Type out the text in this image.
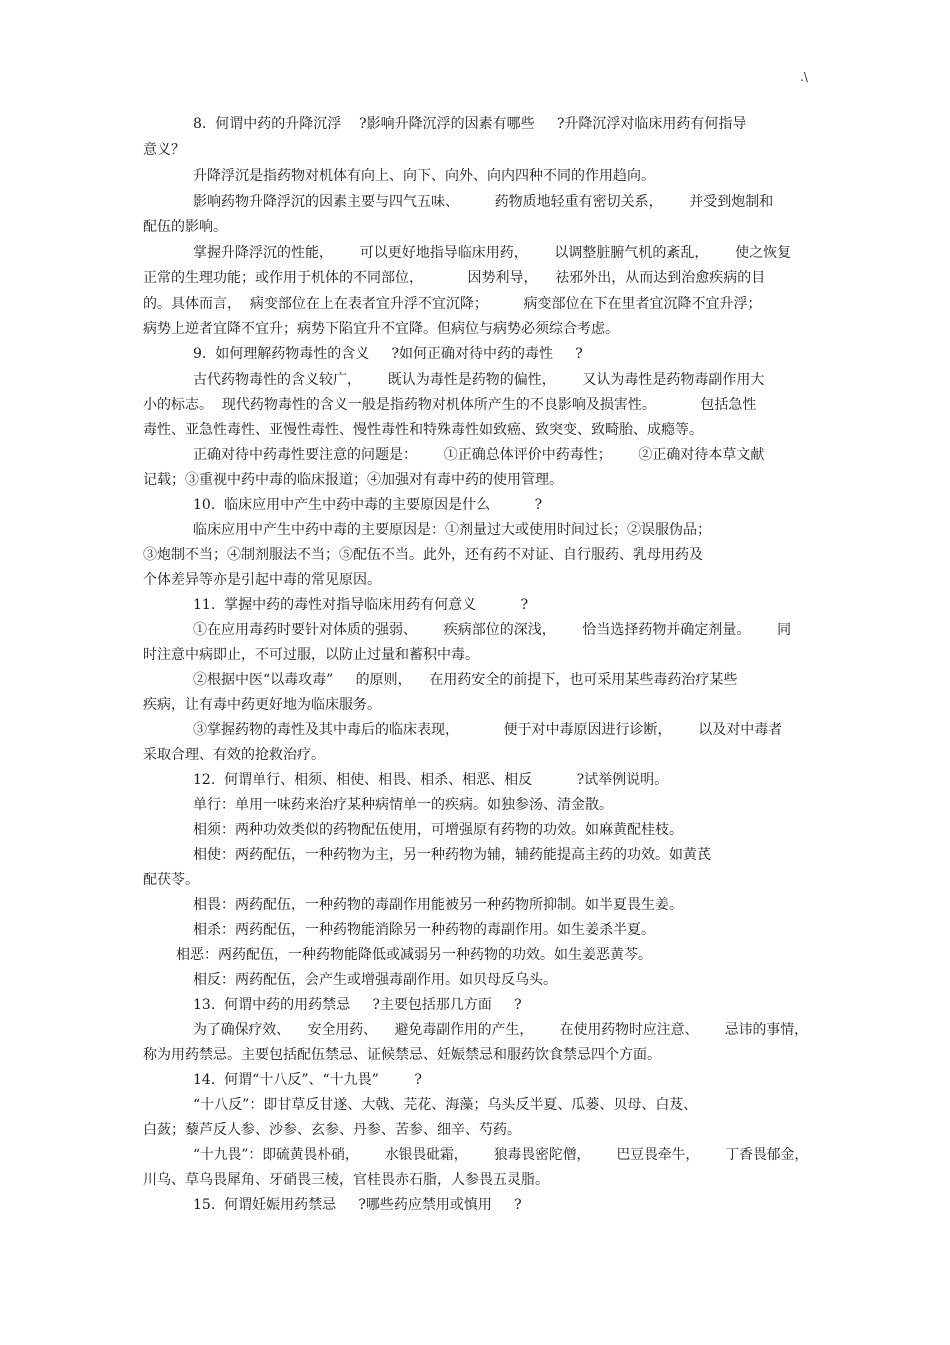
.\
8.  何谓中药的升降沉浮    ?影响升降沉浮的因素有哪些     ?升降沉浮对临床用药有何指导
意义？
升降浮沉是指药物对机体有向上、向下、向外、向内四种不同的作用趋向。
影响药物升降浮沉的因素主要与四气五味、        药物质地轻重有密切关系，      并受到炮制和
配伍的影响。
掌握升降浮沉的性能，      可以更好地指导临床用药，      以调整脏腑气机的紊乱，      使之恢复
正常的生理功能；或作用于机体的不同部位，          因势利导，    祛邪外出，从而达到治愈疾病的目
的。具体而言，  病变部位在上在表者宜升浮不宜沉降；        病变部位在下在里者宜沉降不宜升浮；
病势上逆者宜降不宜升；病势下陷宜升不宜降。但病位与病势必须综合考虑。
9.  如何理解药物毒性的含义     ?如何正确对待中药的毒性     ?
古代药物毒性的含义较广，      既认为毒性是药物的偏性，      又认为毒性是药物毒副作用大
小的标志。  现代药物毒性的含义一般是指药物对机体所产生的不良影响及损害性。          包括急性
毒性、亚急性毒性、亚慢性毒性、慢性毒性和特殊毒性如致癌、致突变、致畸胎、成瘾等。
正确对待中药毒性要注意的问题是：      ①正确总体评价中药毒性；      ②正确对待本草文献
记载；③重视中药中毒的临床报道；④加强对有毒中药的使用管理。
10.  临床应用中产生中药中毒的主要原因是什么          ?
临床应用中产生中药中毒的主要原因是：①剂量过大或使用时间过长；②误服伪品；
③炮制不当；④制剂服法不当；⑤配伍不当。此外，还有药不对证、自行服药、乳母用药及
个体差异等亦是引起中毒的常见原因。
11.  掌握中药的毒性对指导临床用药有何意义          ?
①在应用毒药时要针对体质的强弱、      疾病部位的深浅，      恰当选择药物并确定剂量。      同
时注意中病即止，不可过服，以防止过量和蓄积中毒。
②根据中医“以毒攻毒”     的原则，    在用药安全的前提下，也可采用某些毒药治疗某些
疾病，让有毒中药更好地为临床服务。
③掌握药物的毒性及其中毒后的临床表现，          便于对中毒原因进行诊断，      以及对中毒者
采取合理、有效的抢救治疗。
12.  何谓单行、相须、相使、相畏、相杀、相恶、相反          ?试举例说明。
单行：单用一味药来治疗某种病情单一的疾病。如独参汤、清金散。
相须：两种功效类似的药物配伍使用，可增强原有药物的功效。如麻黄配桂枝。
相使：两药配伍，一种药物为主，另一种药物为辅，辅药能提高主药的功效。如黄芪
配茯苓。
相畏：两药配伍，一种药物的毒副作用能被另一种药物所抑制。如半夏畏生姜。
相杀：两药配伍，一种药物能消除另一种药物的毒副作用。如生姜杀半夏。
相恶：两药配伍，一种药物能降低或减弱另一种药物的功效。如生姜恶黄芩。
相反：两药配伍，会产生或增强毒副作用。如贝母反乌头。
13.  何谓中药的用药禁忌     ?主要包括那几方面     ?
为了确保疗效、    安全用药、    避免毒副作用的产生，      在使用药物时应注意、      忌讳的事情，
称为用药禁忌。主要包括配伍禁忌、证候禁忌、妊娠禁忌和服药饮食禁忌四个方面。
14.  何谓“十八反”、“十九畏”        ?
“十八反”：即甘草反甘遂、大戟、芫花、海藻；乌头反半夏、瓜蒌、贝母、白芨、
白蔹；藜芦反人参、沙参、玄参、丹参、苦参、细辛、芍药。
“十九畏”：即硫黄畏朴硝，      水银畏砒霜，      狼毒畏密陀僧，      巴豆畏牵牛，      丁香畏郁金，
川乌、草乌畏犀角、牙硝畏三棱，官桂畏赤石脂，人参畏五灵脂。
15.  何谓妊娠用药禁忌     ?哪些药应禁用或慎用     ?
